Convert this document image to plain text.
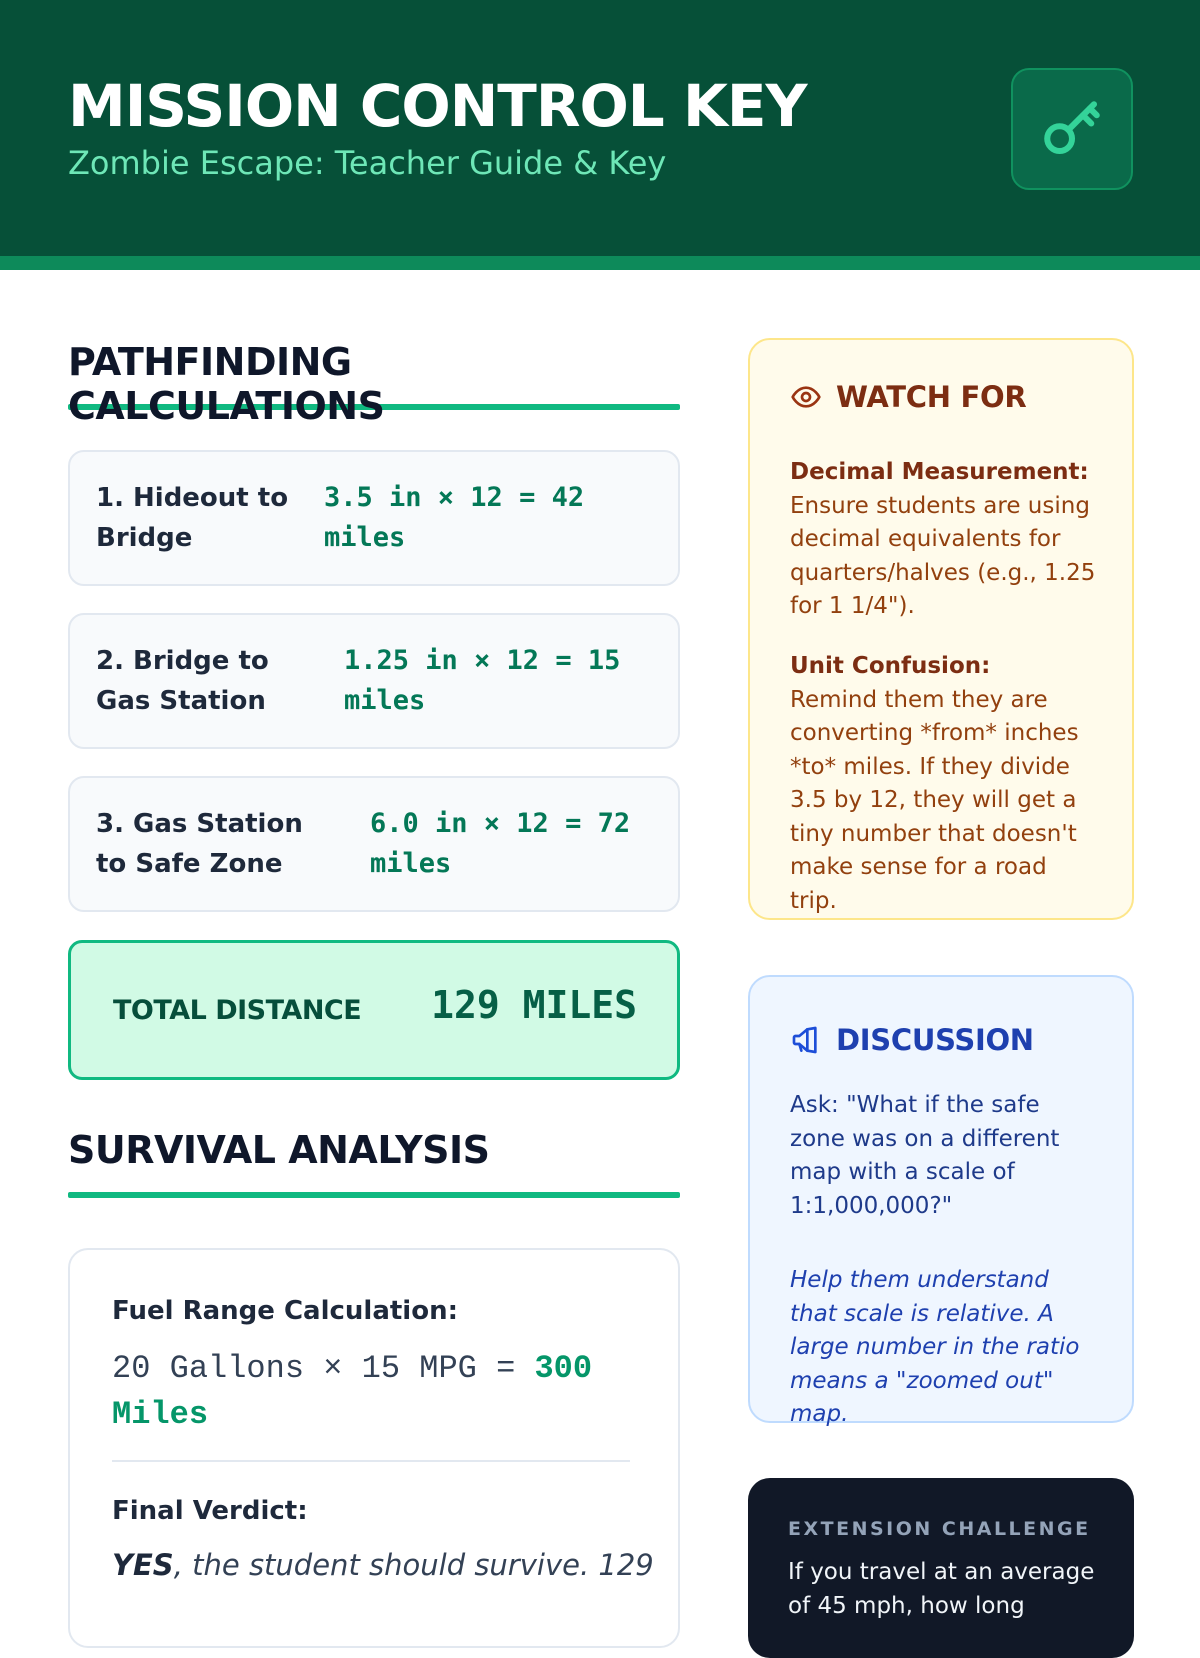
MISSION CONTROL KEY
Zombie Escape: Teacher Guide & Key
PATHFINDING CALCULATIONS
1. Hideout to Bridge
3.5 in × 12 = 42 miles
2. Bridge to Gas Station
1.25 in × 12 = 15 miles
3. Gas Station to Safe Zone
6.0 in × 12 = 72 miles
TOTAL DISTANCE 129 MILES
SURVIVAL ANALYSIS
Fuel Range Calculation:
20 Gallons × 15 MPG = 300 Miles
Final Verdict:
YES, the student should survive. 129
WATCH FOR
Decimal Measurement:
Ensure students are using decimal equivalents for quarters/halves (e.g., 1.25 for 1 1/4").
Unit Confusion:
Remind them they are converting *from* inches *to* miles. If they divide 3.5 by 12, they will get a tiny number that doesn't make sense for a road trip.
DISCUSSION
Ask: "What if the safe zone was on a different map with a scale of 1:1,000,000?"
Help them understand that scale is relative. A large number in the ratio means a "zoomed out" map.
EXTENSION CHALLENGE
If you travel at an average of 45 mph, how long
